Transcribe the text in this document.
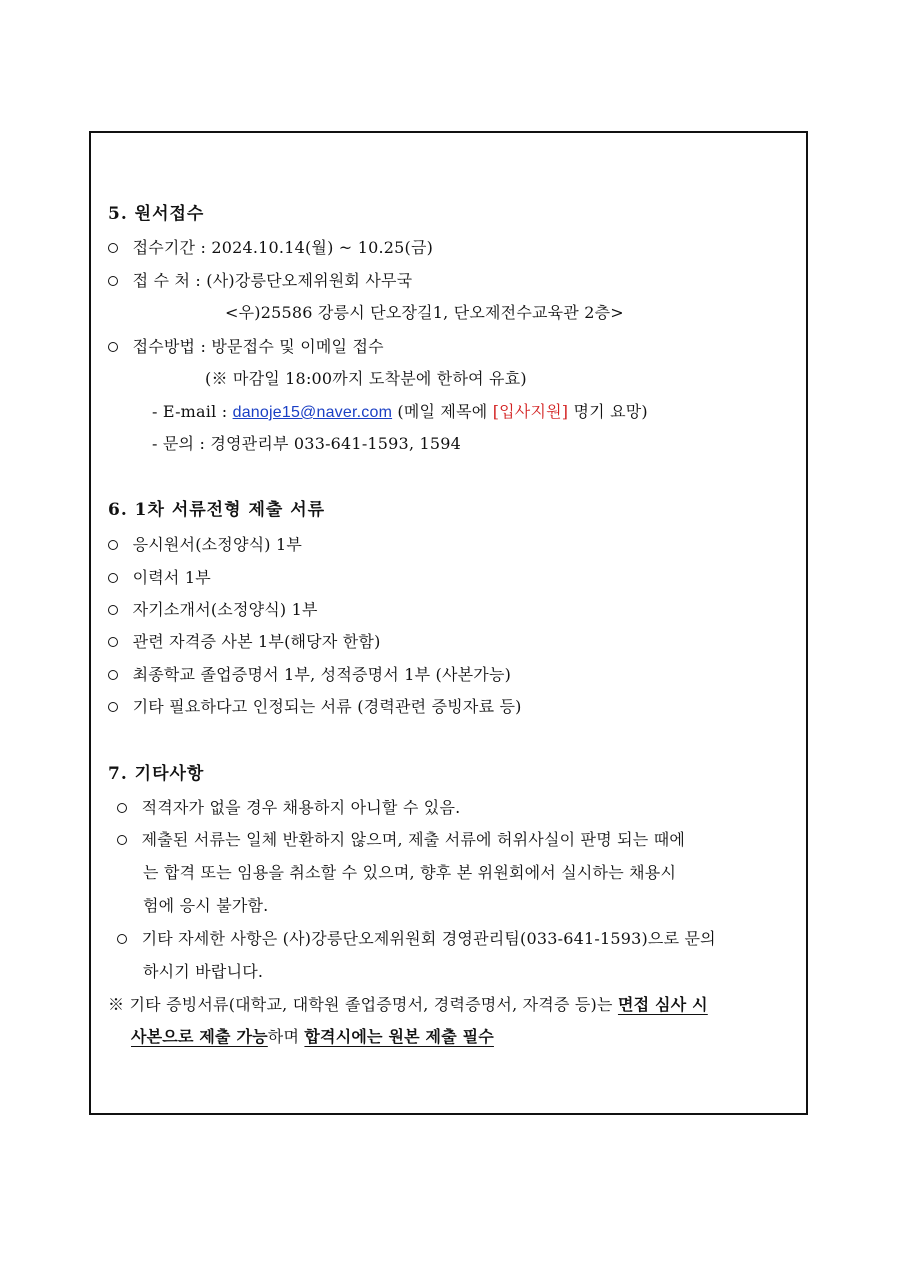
5. 원서접수
접수기간 : 2024.10.14(월) ~ 10.25(금)
접 수 처 : (사)강릉단오제위원회 사무국
<우)25586 강릉시 단오장길1, 단오제전수교육관 2층>
접수방법 : 방문접수 및 이메일 접수
(※ 마감일 18:00까지 도착분에 한하여 유효)
- E-mail : danoje15@naver.com (메일 제목에 [입사지원] 명기 요망)
- 문의 : 경영관리부 033-641-1593, 1594
6. 1차 서류전형 제출 서류
응시원서(소정양식) 1부
이력서 1부
자기소개서(소정양식) 1부
관련 자격증 사본 1부(해당자 한함)
최종학교 졸업증명서 1부, 성적증명서 1부 (사본가능)
기타 필요하다고 인정되는 서류 (경력관련 증빙자료 등)
7. 기타사항
적격자가 없을 경우 채용하지 아니할 수 있음.
제출된 서류는 일체 반환하지 않으며, 제출 서류에 허위사실이 판명 되는 때에
는 합격 또는 임용을 취소할 수 있으며, 향후 본 위원회에서 실시하는 채용시
험에 응시 불가함.
기타 자세한 사항은 (사)강릉단오제위원회 경영관리팀(033-641-1593)으로 문의
하시기 바랍니다.
※ 기타 증빙서류(대학교, 대학원 졸업증명서, 경력증명서, 자격증 등)는 면접 심사 시
사본으로 제출 가능하며 합격시에는 원본 제출 필수
